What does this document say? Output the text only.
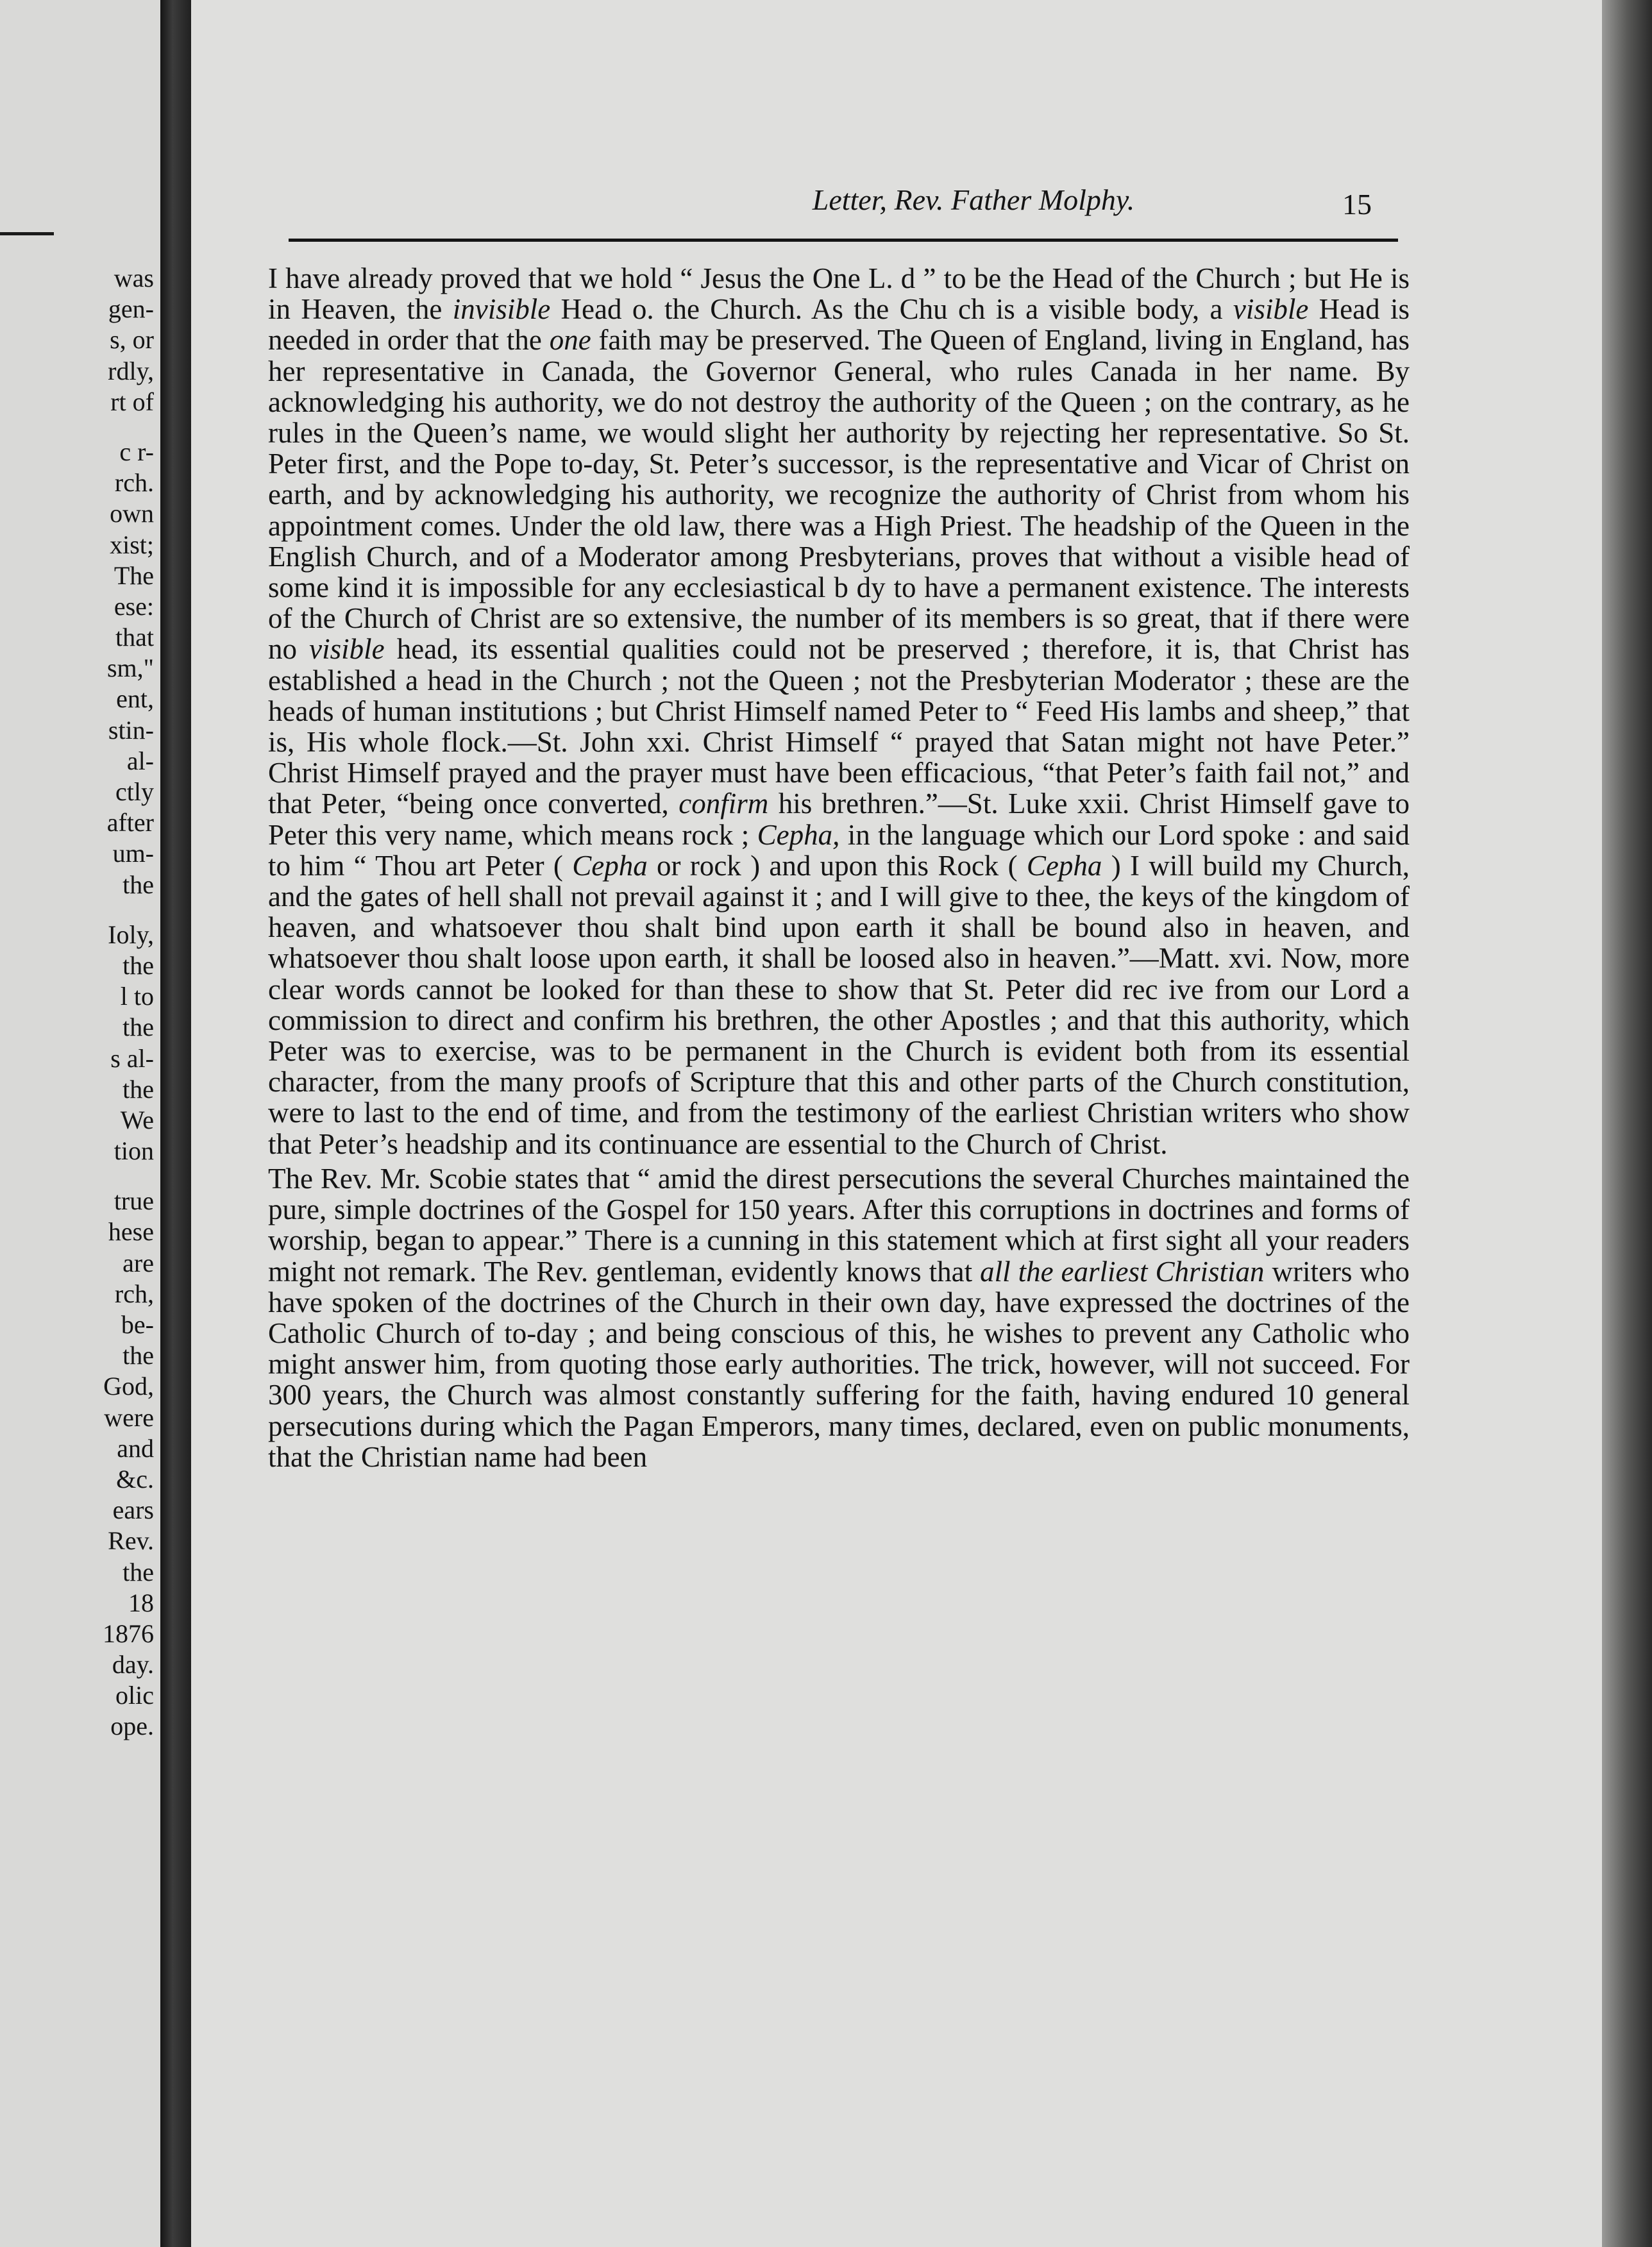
was
gen-
s, or
rdly,
rt of
c r-
rch.
own
xist;
The
ese:
that
sm,"
ent,
stin-
al-
ctly
after
um-
the
Ioly,
the
l to
the
s al-
the
We
tion
true
hese
are
rch,
be-
the
God,
were
and
&c.
ears
Rev.
the
18
1876
day.
olic
ope.
Letter, Rev. Father Molphy.	15

I have already proved that we hold “ Jesus the One L. d ” to be the Head of the Church ; but He is in Heaven, the invisible Head o. the Church. As the Chu ch is a visible body, a visible Head is needed in order that the one faith may be preserved. The Queen of England, living in England, has her representative in Canada, the Governor General, who rules Canada in her name. By acknowledging his authority, we do not destroy the authority of the Queen ; on the contrary, as he rules in the Queen’s name, we would slight her authority by rejecting her representative. So St. Peter first, and the Pope to-day, St. Peter’s successor, is the representative and Vicar of Christ on earth, and by acknowledging his authority, we recognize the authority of Christ from whom his appointment comes. Under the old law, there was a High Priest. The headship of the Queen in the English Church, and of a Moderator among Presbyterians, proves that without a visible head of some kind it is impossible for any ecclesiastical b dy to have a permanent existence. The interests of the Church of Christ are so extensive, the number of its members is so great, that if there were no visible head, its essential qualities could not be preserved ; therefore, it is, that Christ has established a head in the Church ; not the Queen ; not the Presbyterian Moderator ; these are the heads of human institutions ; but Christ Himself named Peter to “ Feed His lambs and sheep,” that is, His whole flock.—St. John xxi. Christ Himself “ prayed that Satan might not have Peter.” Christ Himself prayed and the prayer must have been efficacious, “that Peter’s faith fail not,” and that Peter, “being once converted, confirm his brethren.”—St. Luke xxii. Christ Himself gave to Peter this very name, which means rock ; Cepha, in the language which our Lord spoke : and said to him “ Thou art Peter ( Cepha or rock ) and upon this Rock ( Cepha ) I will build my Church, and the gates of hell shall not prevail against it ; and I will give to thee, the keys of the kingdom of heaven, and whatsoever thou shalt bind upon earth it shall be bound also in heaven, and whatsoever thou shalt loose upon earth, it shall be loosed also in heaven.”—Matt. xvi. Now, more clear words cannot be looked for than these to show that St. Peter did rec ive from our Lord a commission to direct and confirm his brethren, the other Apostles ; and that this authority, which Peter was to exercise, was to be permanent in the Church is evident both from its essential character, from the many proofs of Scripture that this and other parts of the Church constitution, were to last to the end of time, and from the testimony of the earliest Christian writers who show that Peter’s headship and its continuance are essential to the Church of Christ.

The Rev. Mr. Scobie states that “ amid the direst persecutions the several Churches maintained the pure, simple doctrines of the Gospel for 150 years. After this corruptions in doctrines and forms of worship, began to appear.” There is a cunning in this statement which at first sight all your readers might not remark. The Rev. gentleman, evidently knows that all the earliest Christian writers who have spoken of the doctrines of the Church in their own day, have expressed the doctrines of the Catholic Church of to-day ; and being conscious of this, he wishes to prevent any Catholic who might answer him, from quoting those early authorities. The trick, however, will not succeed. For 300 years, the Church was almost constantly suffering for the faith, having endured 10 general persecutions during which the Pagan Emperors, many times, declared, even on public monuments, that the Christian name had been
